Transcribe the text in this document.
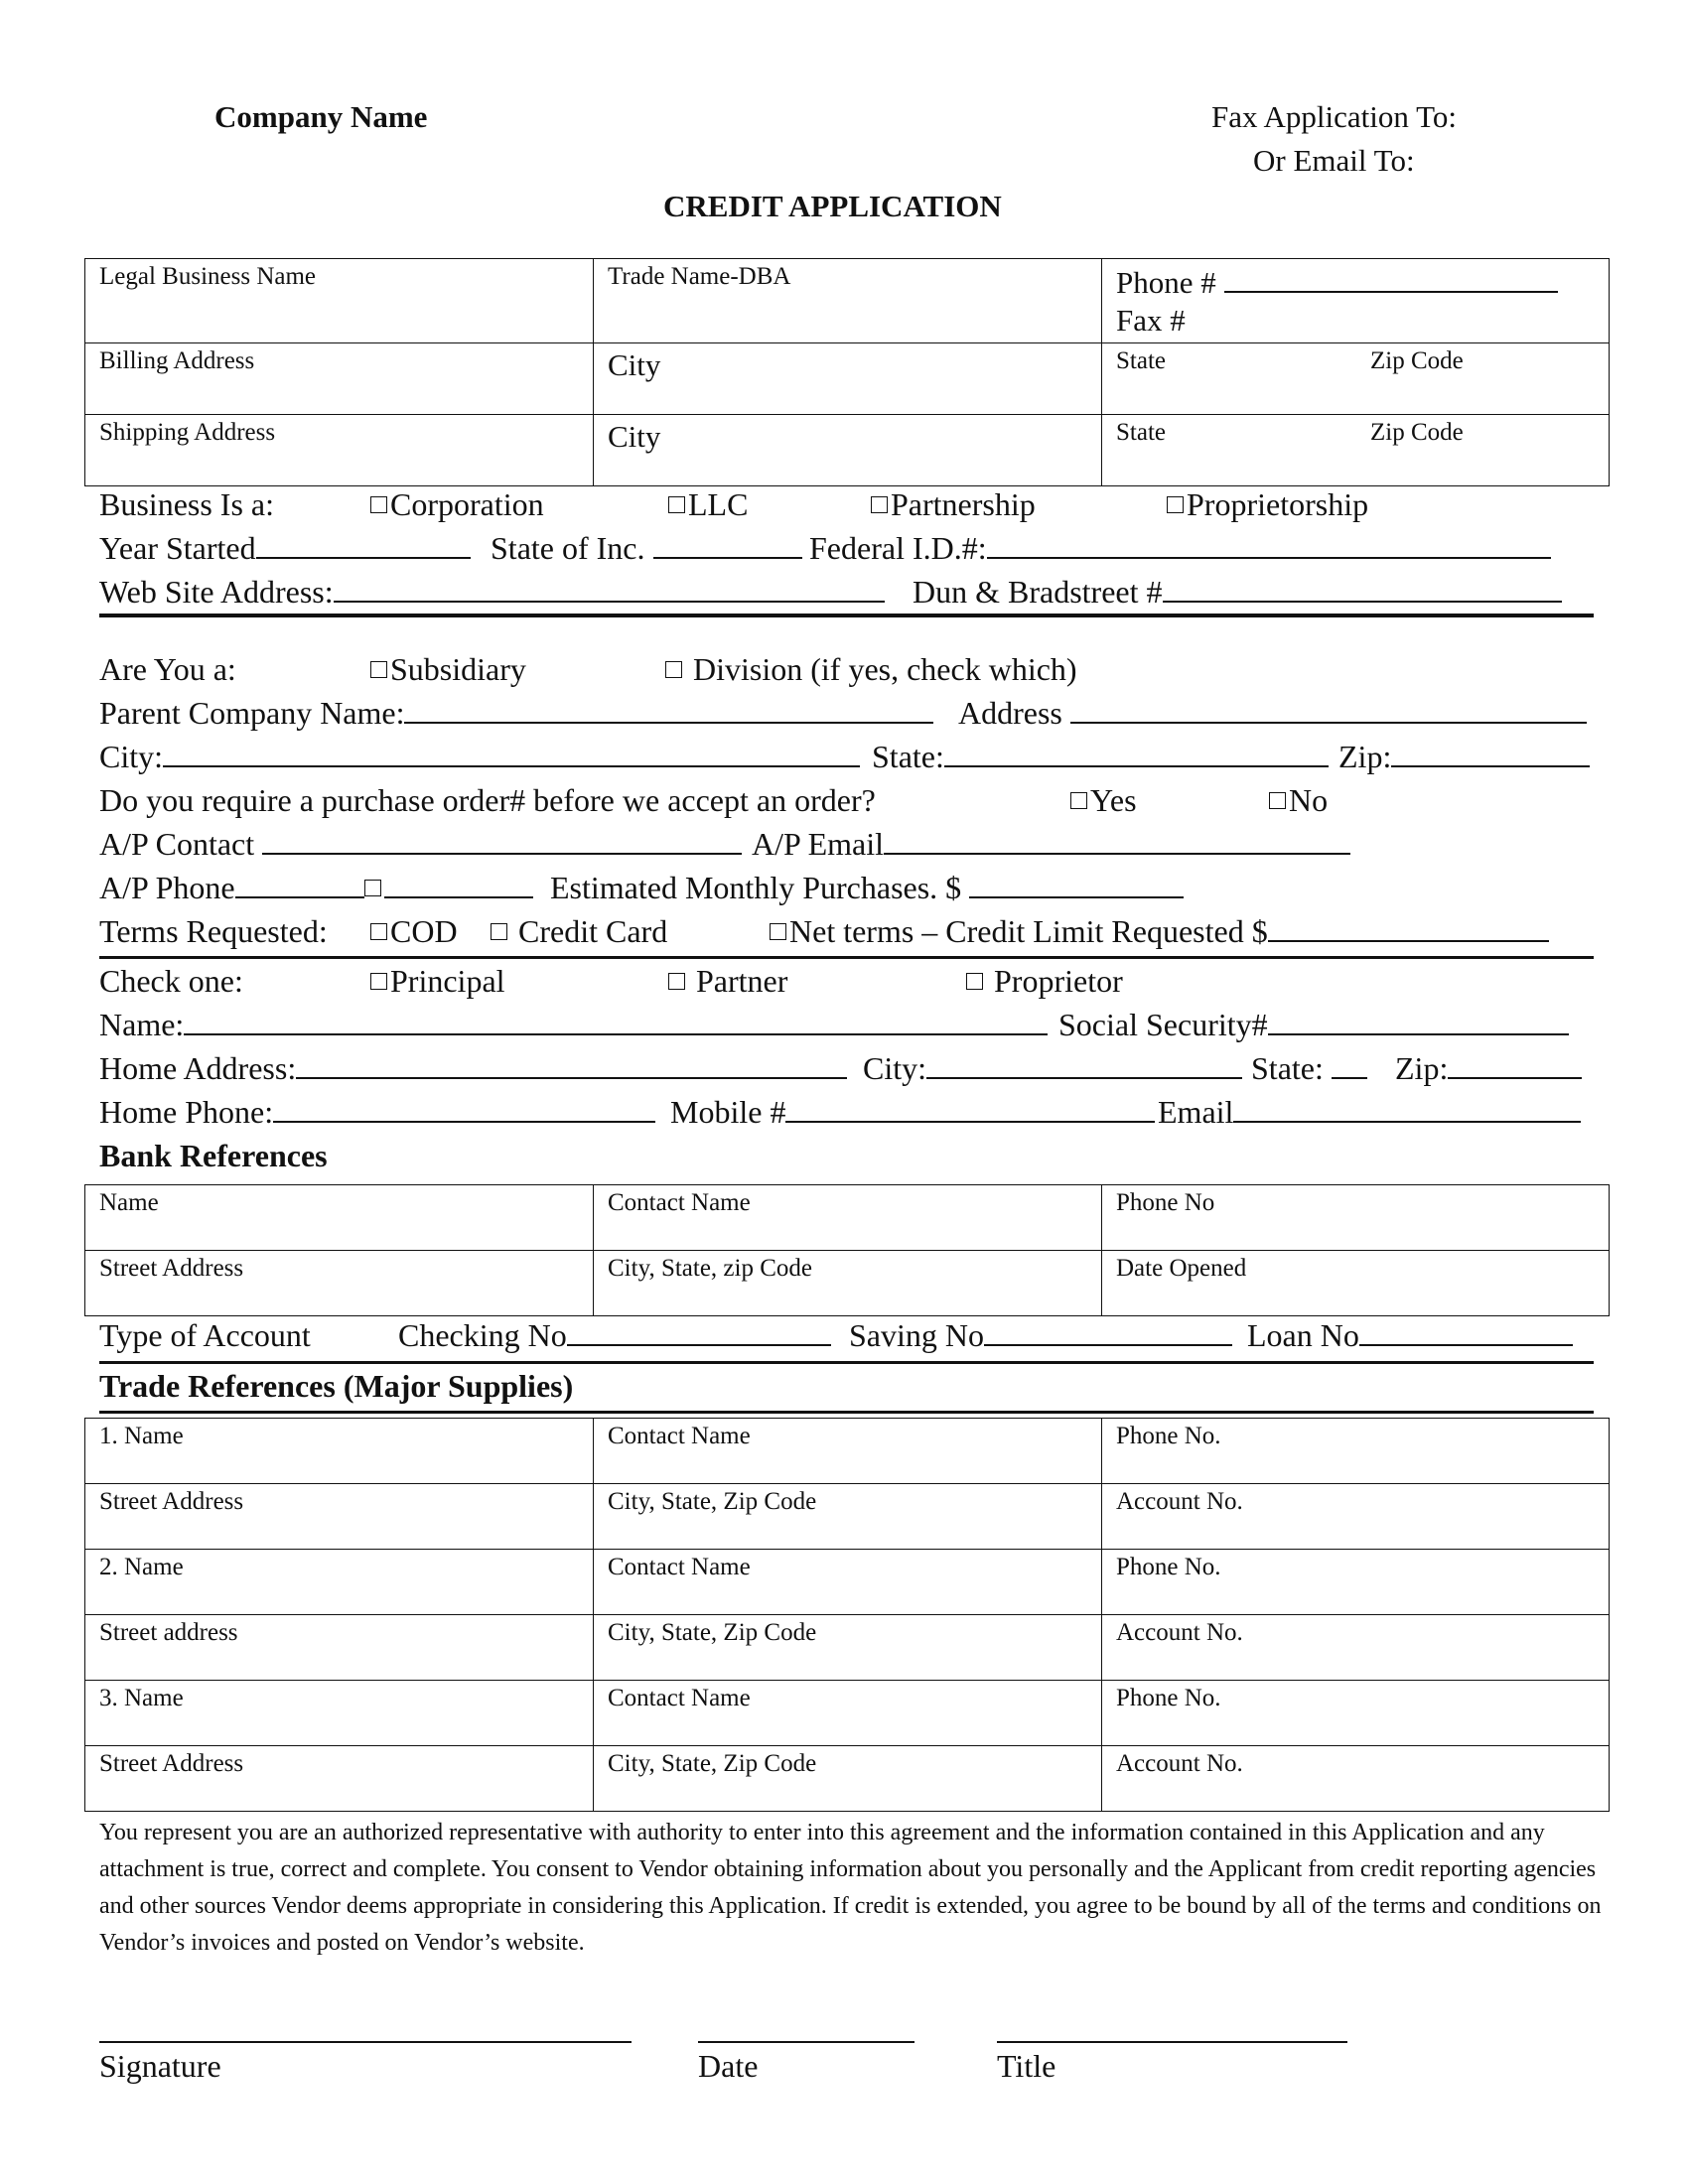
Company Name	Fax Application To:
Or Email To:
CREDIT APPLICATION
Legal Business Name	Trade Name-DBA	Phone #
Fax #
Billing Address	City	State	Zip Code
Shipping Address	City	State	Zip Code
Business Is a:	Corporation	LLC	Partnership	Proprietorship
Year Started	State of Inc.	Federal I.D.#:
Web Site Address:	Dun & Bradstreet #
Are You a:	Subsidiary	Division (if yes, check which)
Parent Company Name:	Address
City:	State:	Zip:
Do you require a purchase order# before we accept an order?	Yes	No
A/P Contact	A/P Email
A/P Phone	Estimated Monthly Purchases. $
Terms Requested:	COD	Credit Card	Net terms – Credit Limit Requested $
Check one:	Principal	Partner	Proprietor
Name:	Social Security#
Home Address:	City:	State:	Zip:
Home Phone:	Mobile #	Email
Bank References
Name	Contact Name	Phone No
Street Address	City, State, zip Code	Date Opened
Type of Account	Checking No	Saving No	Loan No
Trade References (Major Supplies)
1. Name	Contact Name	Phone No.
Street Address	City, State, Zip Code	Account No.
2. Name	Contact Name	Phone No.
Street address	City, State, Zip Code	Account No.
3. Name	Contact Name	Phone No.
Street Address	City, State, Zip Code	Account No.
You represent you are an authorized representative with authority to enter into this agreement and the information contained in this Application and any attachment is true, correct and complete. You consent to Vendor obtaining information about you personally and the Applicant from credit reporting agencies and other sources Vendor deems appropriate in considering this Application. If credit is extended, you agree to be bound by all of the terms and conditions on Vendor’s invoices and posted on Vendor’s website.
Signature	Date	Title
